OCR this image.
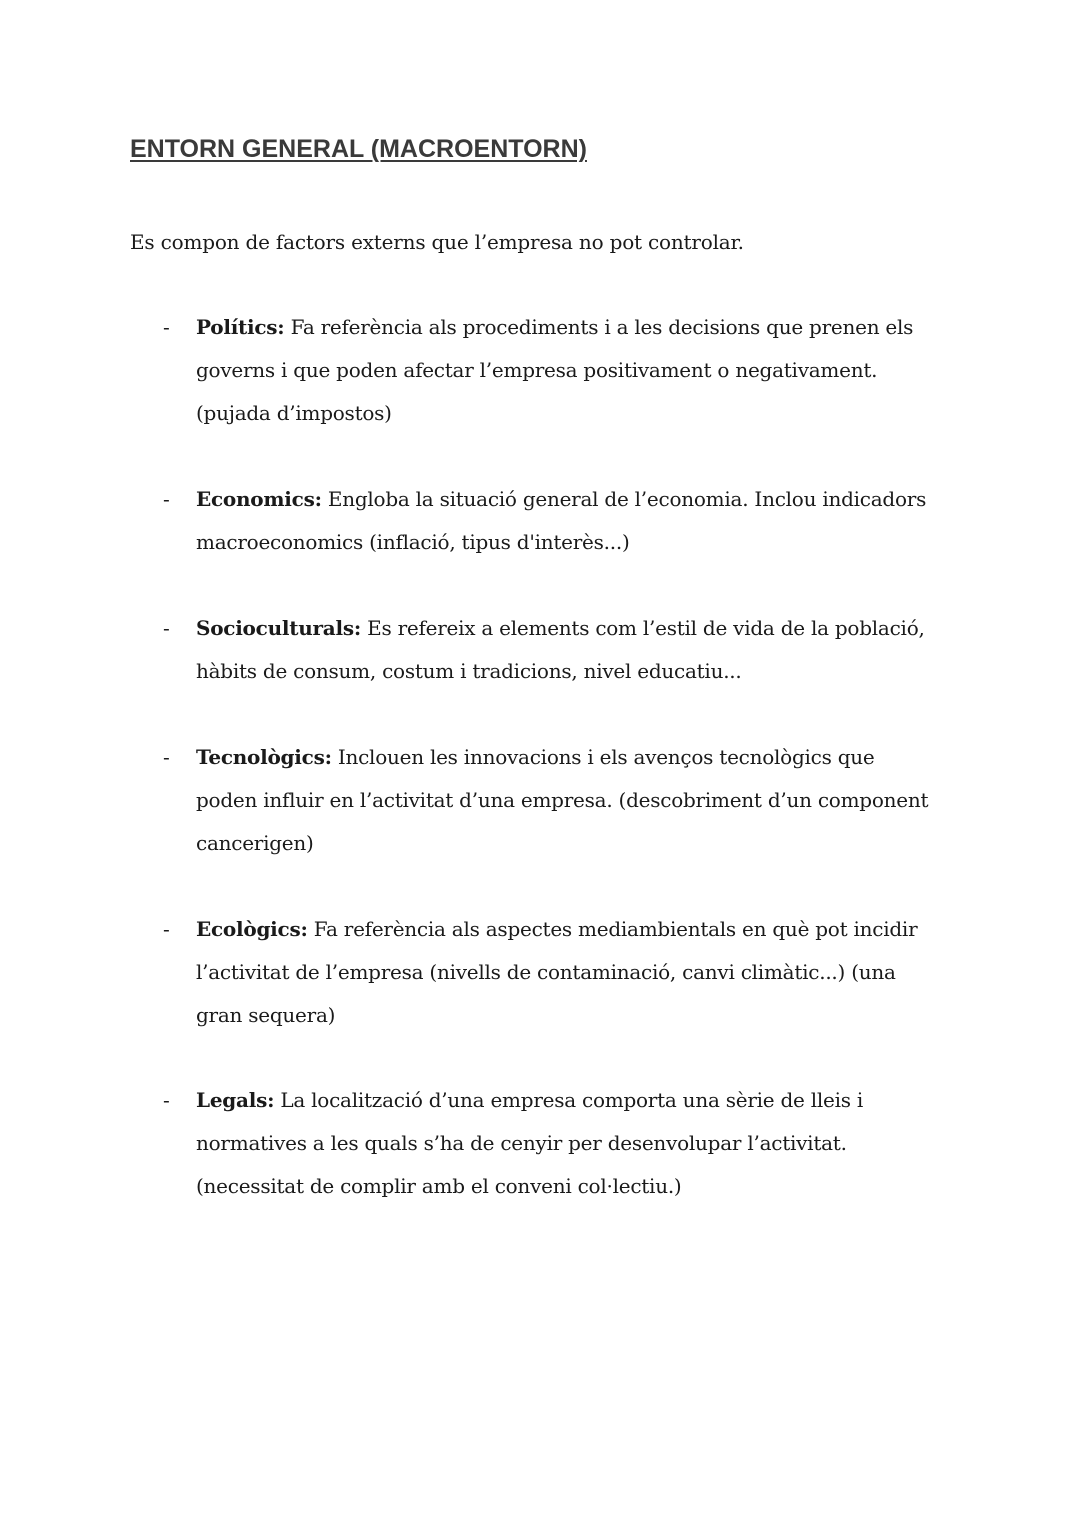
ENTORN GENERAL (MACROENTORN)

Es compon de factors externs que l’empresa no pot controlar.

-	Polítics: Fa referència als procediments i a les decisions que prenen els
governs i que poden afectar l’empresa positivament o negativament.
(pujada d’impostos)
-	Economics: Engloba la situació general de l’economia. Inclou indicadors
macroeconomics (inflació, tipus d'interès...)
-	Socioculturals: Es refereix a elements com l’estil de vida de la població,
hàbits de consum, costum i tradicions, nivel educatiu...
-	Tecnològics: Inclouen les innovacions i els avenços tecnològics que
poden influir en l’activitat d’una empresa. (descobriment d’un component
cancerigen)
-	Ecològics: Fa referència als aspectes mediambientals en què pot incidir
l’activitat de l’empresa (nivells de contaminació, canvi climàtic...) (una
gran sequera)
-	Legals: La localització d’una empresa comporta una sèrie de lleis i
normatives a les quals s’ha de cenyir per desenvolupar l’activitat.
(necessitat de complir amb el conveni col·lectiu.)
